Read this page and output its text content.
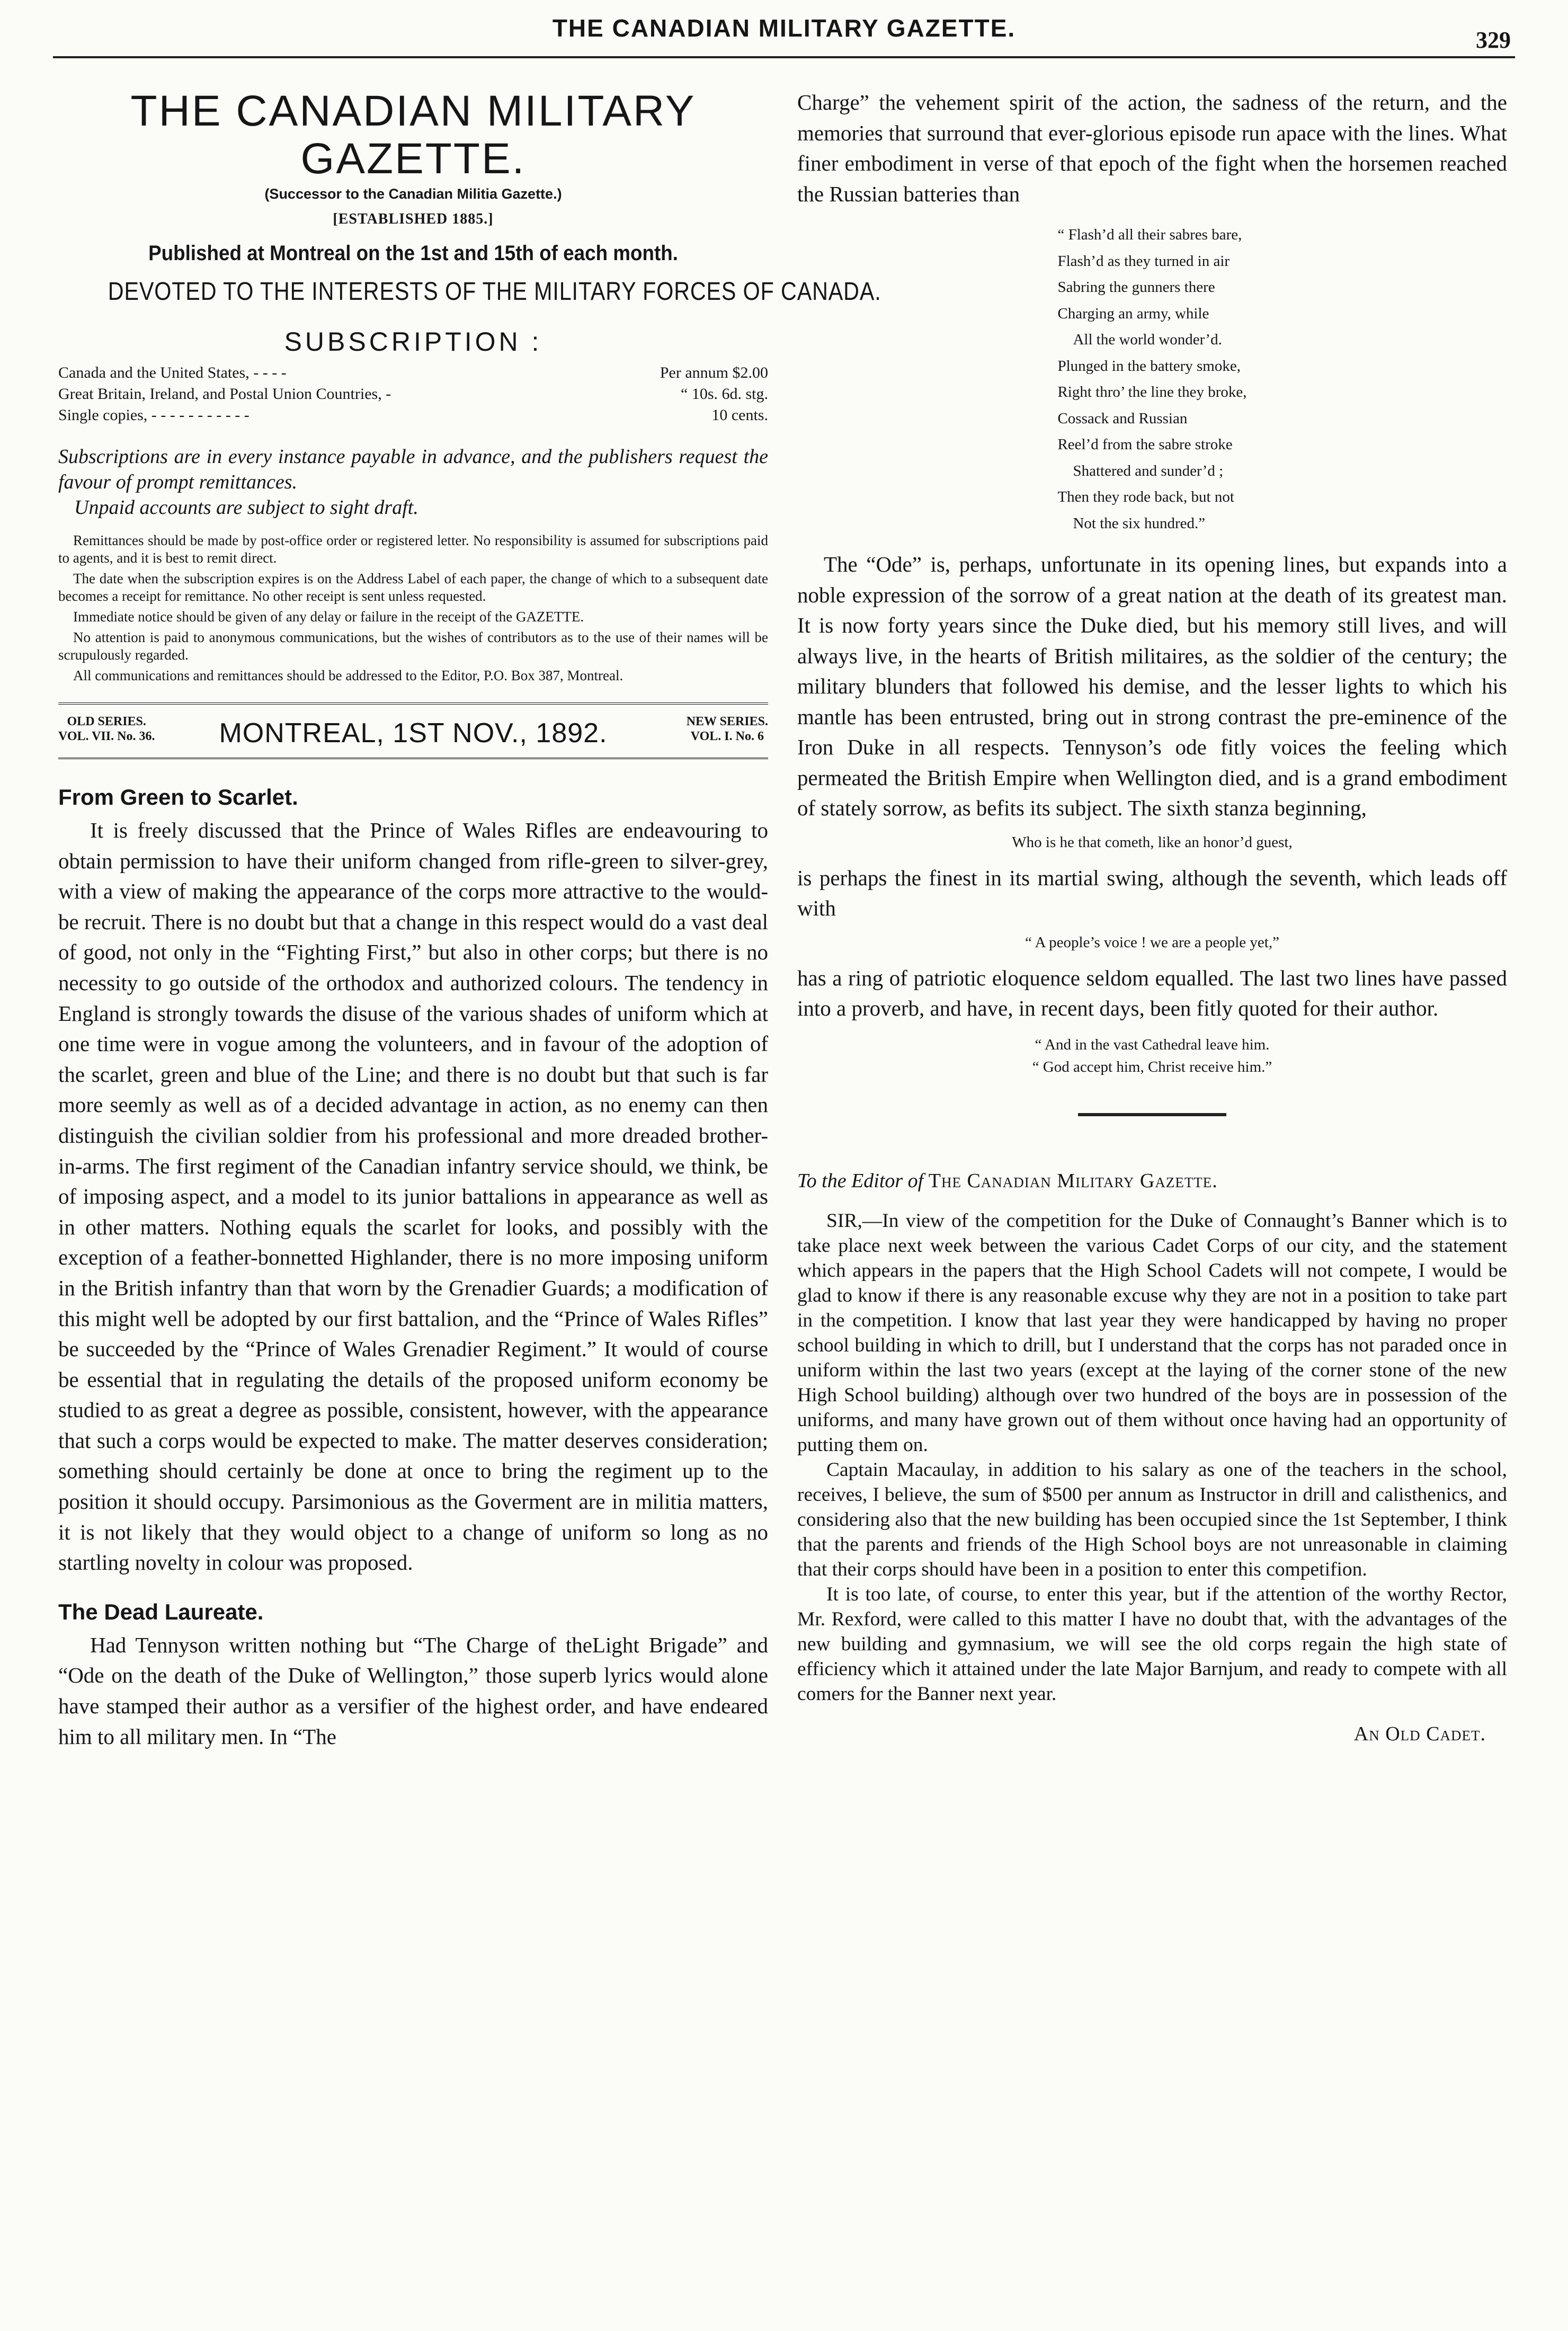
THE CANADIAN MILITARY GAZETTE.	329
THE CANADIAN MILITARY GAZETTE.
(Successor to the Canadian Militia Gazette.)
[ESTABLISHED 1885.]
Published at Montreal on the 1st and 15th of each month.
DEVOTED TO THE INTERESTS OF THE MILITARY FORCES OF CANADA.
SUBSCRIPTION :
Canada and the United States, - - - -	Per annum $2.00
Great Britain, Ireland, and Postal Union Countries, -	“ 10s. 6d. stg.
Single copies, - - - - - - - - - - -	10 cents.
Subscriptions are in every instance payable in advance, and the publishers request the favour of prompt remittances.
Unpaid accounts are subject to sight draft.

Remittances should be made by post-office order or registered letter. No responsibility is assumed for subscriptions paid to agents, and it is best to remit direct.

The date when the subscription expires is on the Address Label of each paper, the change of which to a subsequent date becomes a receipt for remittance. No other receipt is sent unless requested.

Immediate notice should be given of any delay or failure in the receipt of the GAZETTE.

No attention is paid to anonymous communications, but the wishes of contributors as to the use of their names will be scrupulously regarded.

All communications and remittances should be addressed to the Editor, P.O. Box 387, Montreal.

OLD SERIES.
VOL. VII. No. 36.	MONTREAL, 1ST NOV., 1892.	NEW SERIES.
VOL. I. No. 6
From Green to Scarlet.

It is freely discussed that the Prince of Wales Rifles are endeavouring to obtain permission to have their uniform changed from rifle-green to silver-grey, with a view of making the appearance of the corps more attractive to the would-be recruit. There is no doubt but that a change in this respect would do a vast deal of good, not only in the “Fighting First,” but also in other corps; but there is no necessity to go outside of the orthodox and authorized colours. The tendency in England is strongly towards the disuse of the various shades of uniform which at one time were in vogue among the volunteers, and in favour of the adoption of the scarlet, green and blue of the Line; and there is no doubt but that such is far more seemly as well as of a decided advantage in action, as no enemy can then distinguish the civilian soldier from his professional and more dreaded brother-in-arms. The first regiment of the Canadian infantry service should, we think, be of imposing aspect, and a model to its junior battalions in appearance as well as in other matters. Nothing equals the scarlet for looks, and possibly with the exception of a feather-bonnetted Highlander, there is no more imposing uniform in the British infantry than that worn by the Grenadier Guards; a modification of this might well be adopted by our first battalion, and the “Prince of Wales Rifles” be succeeded by the “Prince of Wales Grenadier Regiment.” It would of course be essential that in regulating the details of the proposed uniform economy be studied to as great a degree as possible, consistent, however, with the appearance that such a corps would be expected to make. The matter deserves consideration; something should certainly be done at once to bring the regiment up to the position it should occupy. Parsimonious as the Goverment are in militia matters, it is not likely that they would object to a change of uniform so long as no startling novelty in colour was proposed.

The Dead Laureate.

Had Tennyson written nothing but “The Charge of theLight Brigade” and “Ode on the death of the Duke of Wellington,” those superb lyrics would alone have stamped their author as a versifier of the highest order, and have endeared him to all military men. In “The

Charge” the vehement spirit of the action, the sadness of the return, and the memories that surround that ever-glorious episode run apace with the lines. What finer embodiment in verse of that epoch of the fight when the horsemen reached the Russian batteries than

“ Flash’d all their sabres bare,
Flash’d as they turned in air
Sabring the gunners there
Charging an army, while
 All the world wonder’d.
Plunged in the battery smoke,
Right thro’ the line they broke,
Cossack and Russian
Reel’d from the sabre stroke
 Shattered and sunder’d ;
Then they rode back, but not
 Not the six hundred.”

The “Ode” is, perhaps, unfortunate in its opening lines, but expands into a noble expression of the sorrow of a great nation at the death of its greatest man. It is now forty years since the Duke died, but his memory still lives, and will always live, in the hearts of British militaires, as the soldier of the century; the military blunders that followed his demise, and the lesser lights to which his mantle has been entrusted, bring out in strong contrast the pre-eminence of the Iron Duke in all respects. Tennyson’s ode fitly voices the feeling which permeated the British Empire when Wellington died, and is a grand embodiment of stately sorrow, as befits its subject. The sixth stanza beginning,

Who is he that cometh, like an honor’d guest,

is perhaps the finest in its martial swing, although the seventh, which leads off with

“ A people’s voice ! we are a people yet,”

has a ring of patriotic eloquence seldom equalled. The last two lines have passed into a proverb, and have, in recent days, been fitly quoted for their author.

“ And in the vast Cathedral leave him.
“ God accept him, Christ receive him.”
To the Editor of The Canadian Military Gazette.

SIR,—In view of the competition for the Duke of Connaught’s Banner which is to take place next week between the various Cadet Corps of our city, and the statement which appears in the papers that the High School Cadets will not compete, I would be glad to know if there is any reasonable excuse why they are not in a position to take part in the competition. I know that last year they were handicapped by having no proper school building in which to drill, but I understand that the corps has not paraded once in uniform within the last two years (except at the laying of the corner stone of the new High School building) although over two hundred of the boys are in possession of the uniforms, and many have grown out of them without once having had an opportunity of putting them on.

Captain Macaulay, in addition to his salary as one of the teachers in the school, receives, I believe, the sum of $500 per annum as Instructor in drill and calisthenics, and considering also that the new building has been occupied since the 1st September, I think that the parents and friends of the High School boys are not unreasonable in claiming that their corps should have been in a position to enter this competifion.

It is too late, of course, to enter this year, but if the attention of the worthy Rector, Mr. Rexford, were called to this matter I have no doubt that, with the advantages of the new building and gymnasium, we will see the old corps regain the high state of efficiency which it attained under the late Major Barnjum, and ready to compete with all comers for the Banner next year.

An Old Cadet.
